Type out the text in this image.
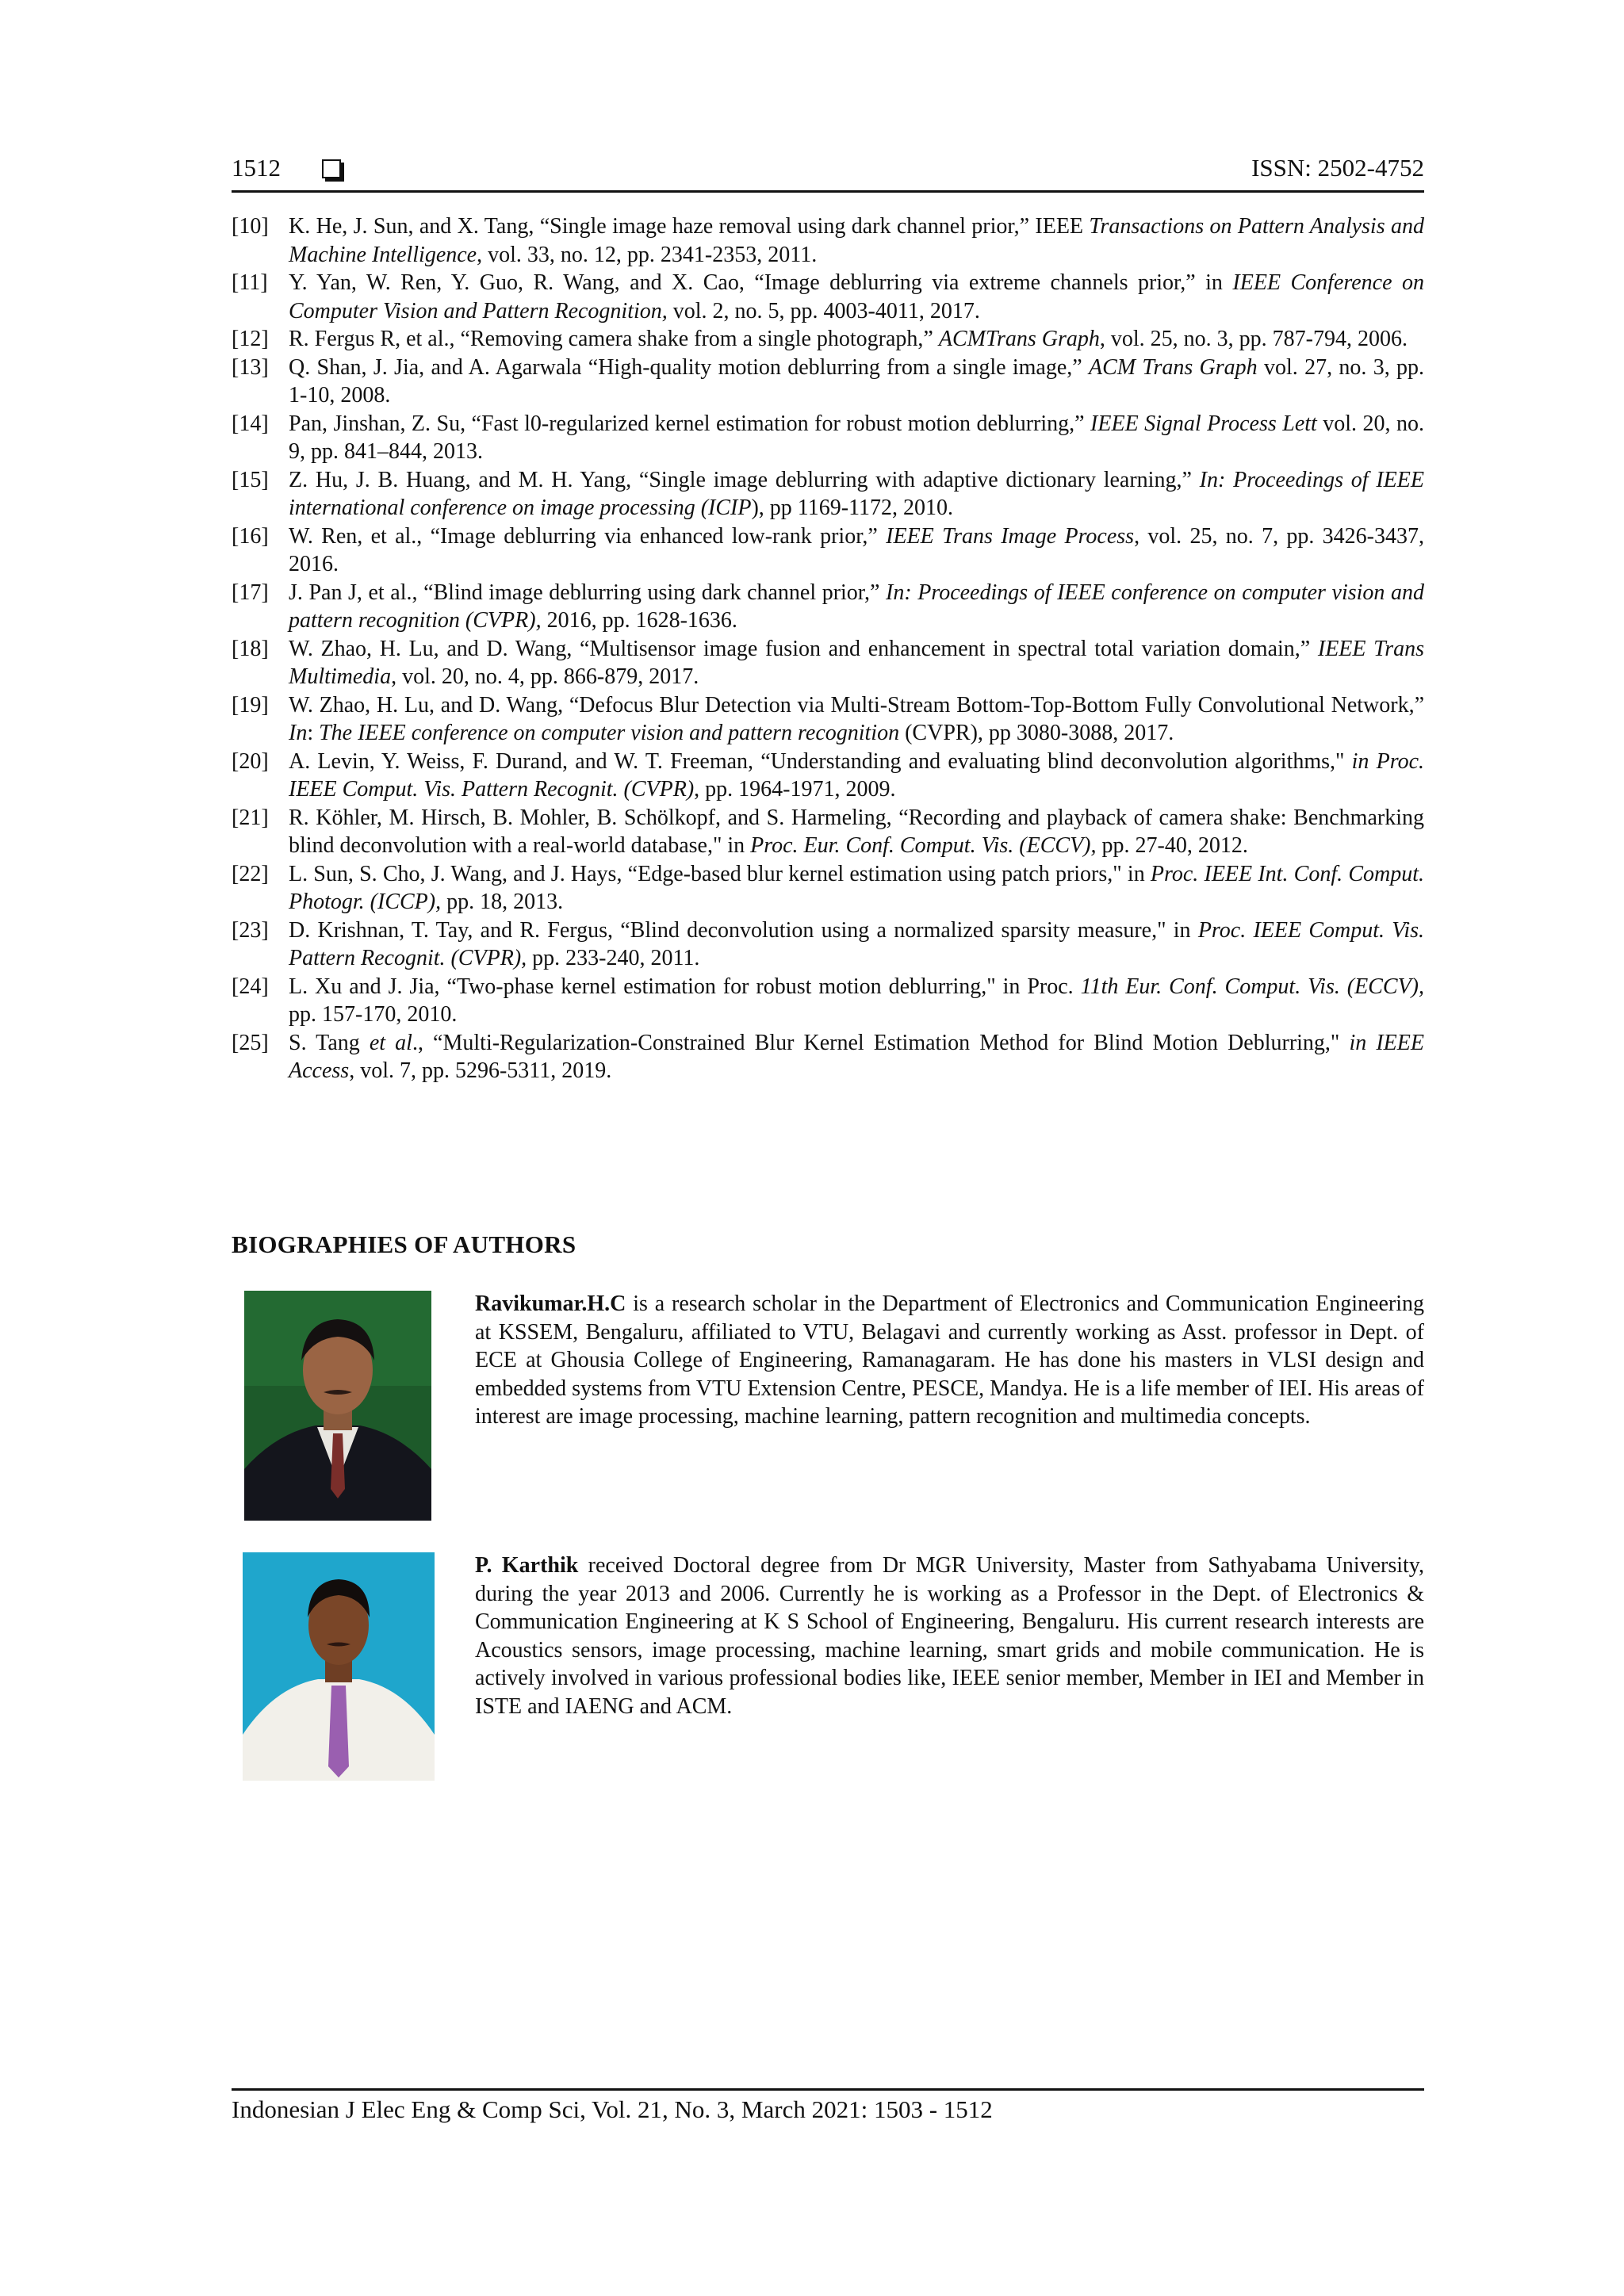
1512	ISSN: 2502-4752
[10] K. He, J. Sun, and X. Tang, “Single image haze removal using dark channel prior,” IEEE Transactions on Pattern Analysis and Machine Intelligence, vol. 33, no. 12, pp. 2341-2353, 2011.
[11] Y. Yan, W. Ren, Y. Guo, R. Wang, and X. Cao, “Image deblurring via extreme channels prior,” in IEEE Conference on Computer Vision and Pattern Recognition, vol. 2, no. 5, pp. 4003-4011, 2017.
[12] R. Fergus R, et al., “Removing camera shake from a single photograph,” ACMTrans Graph, vol. 25, no. 3, pp. 787-794, 2006.
[13] Q. Shan, J. Jia, and A. Agarwala “High-quality motion deblurring from a single image,” ACM Trans Graph vol. 27, no. 3, pp. 1-10, 2008.
[14] Pan, Jinshan, Z. Su, “Fast l0-regularized kernel estimation for robust motion deblurring,” IEEE Signal Process Lett vol. 20, no. 9, pp. 841–844, 2013.
[15] Z. Hu, J. B. Huang, and M. H. Yang, “Single image deblurring with adaptive dictionary learning,” In: Proceedings of IEEE international conference on image processing (ICIP), pp 1169-1172, 2010.
[16] W. Ren, et al., “Image deblurring via enhanced low-rank prior,” IEEE Trans Image Process, vol. 25, no. 7, pp. 3426-3437, 2016.
[17] J. Pan J, et al., “Blind image deblurring using dark channel prior,” In: Proceedings of IEEE conference on computer vision and pattern recognition (CVPR), 2016, pp. 1628-1636.
[18] W. Zhao, H. Lu, and D. Wang, “Multisensor image fusion and enhancement in spectral total variation domain,” IEEE Trans Multimedia, vol. 20, no. 4, pp. 866-879, 2017.
[19] W. Zhao, H. Lu, and D. Wang, “Defocus Blur Detection via Multi-Stream Bottom-Top-Bottom Fully Convolutional Network,” In: The IEEE conference on computer vision and pattern recognition (CVPR), pp 3080-3088, 2017.
[20] A. Levin, Y. Weiss, F. Durand, and W. T. Freeman, “Understanding and evaluating blind deconvolution algorithms," in Proc. IEEE Comput. Vis. Pattern Recognit. (CVPR), pp. 1964-1971, 2009.
[21] R. Köhler, M. Hirsch, B. Mohler, B. Schölkopf, and S. Harmeling, “Recording and playback of camera shake: Benchmarking blind deconvolution with a real-world database," in Proc. Eur. Conf. Comput. Vis. (ECCV), pp. 27-40, 2012.
[22] L. Sun, S. Cho, J. Wang, and J. Hays, “Edge-based blur kernel estimation using patch priors," in Proc. IEEE Int. Conf. Comput. Photogr. (ICCP), pp. 18, 2013.
[23] D. Krishnan, T. Tay, and R. Fergus, “Blind deconvolution using a normalized sparsity measure," in Proc. IEEE Comput. Vis. Pattern Recognit. (CVPR), pp. 233-240, 2011.
[24] L. Xu and J. Jia, “Two-phase kernel estimation for robust motion deblurring," in Proc. 11th Eur. Conf. Comput. Vis. (ECCV), pp. 157-170, 2010.
[25] S. Tang et al., “Multi-Regularization-Constrained Blur Kernel Estimation Method for Blind Motion Deblurring," in IEEE Access, vol. 7, pp. 5296-5311, 2019.
BIOGRAPHIES OF AUTHORS
Ravikumar.H.C is a research scholar in the Department of Electronics and Communication Engineering at KSSEM, Bengaluru, affiliated to VTU, Belagavi and currently working as Asst. professor in Dept. of ECE at Ghousia College of Engineering, Ramanagaram. He has done his masters in VLSI design and embedded systems from VTU Extension Centre, PESCE, Mandya. He is a life member of IEI. His areas of interest are image processing, machine learning, pattern recognition and multimedia concepts.
P. Karthik received Doctoral degree from Dr MGR University, Master from Sathyabama University, during the year 2013 and 2006. Currently he is working as a Professor in the Dept. of Electronics & Communication Engineering at K S School of Engineering, Bengaluru. His current research interests are Acoustics sensors, image processing, machine learning, smart grids and mobile communication. He is actively involved in various professional bodies like, IEEE senior member, Member in IEI and Member in ISTE and IAENG and ACM.
Indonesian J Elec Eng & Comp Sci, Vol. 21, No. 3, March 2021: 1503 - 1512
